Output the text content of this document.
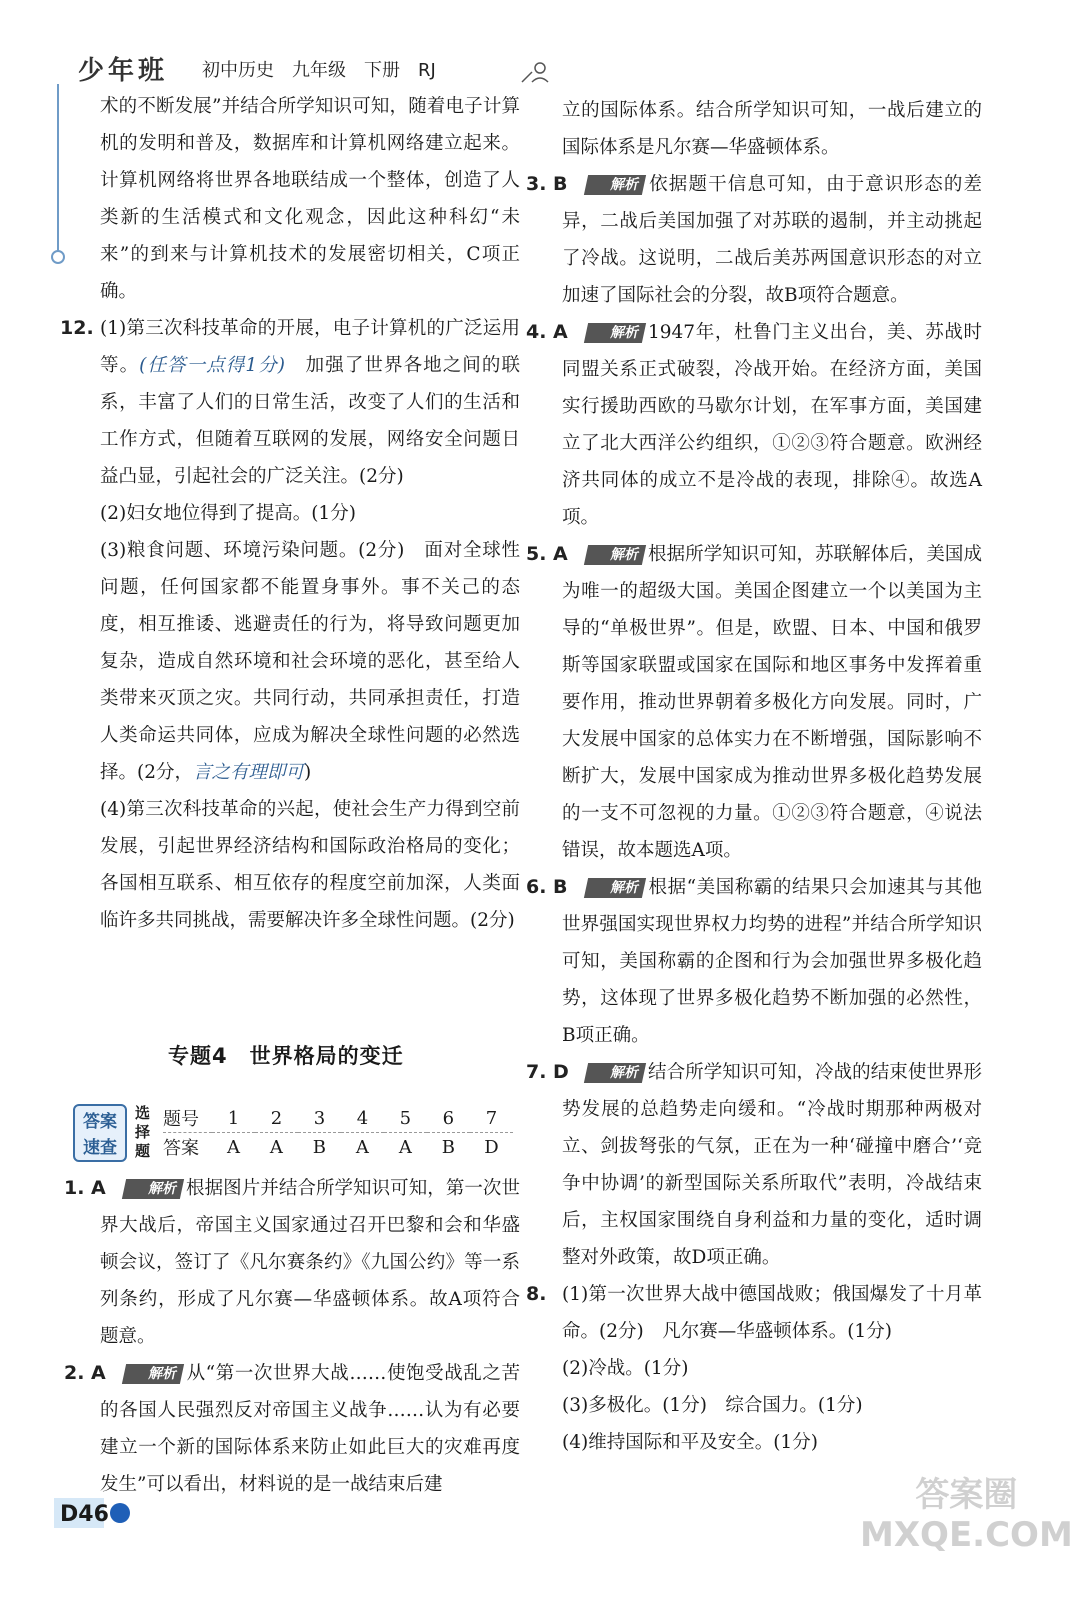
少年班 初中历史　九年级　下册　RJ

术的不断发展”并结合所学知识可知，随着电子计算机的发明和普及，数据库和计算机网络建立起来。计算机网络将世界各地联结成一个整体，创造了人类新的生活模式和文化观念，因此这种科幻“未来”的到来与计算机技术的发展密切相关，C项正确。

12. (1)第三次科技革命的开展，电子计算机的广泛运用等。(任答一点得1分)　加强了世界各地之间的联系，丰富了人们的日常生活，改变了人们的生活和工作方式，但随着互联网的发展，网络安全问题日益凸显，引起社会的广泛关注。(2分)

(2)妇女地位得到了提高。(1分)

(3)粮食问题、环境污染问题。(2分)　面对全球性问题，任何国家都不能置身事外。事不关己的态度，相互推诿、逃避责任的行为，将导致问题更加复杂，造成自然环境和社会环境的恶化，甚至给人类带来灭顶之灾。共同行动，共同承担责任，打造人类命运共同体，应成为解决全球性问题的必然选择。(2分，言之有理即可)

(4)第三次科技革命的兴起，使社会生产力得到空前发展，引起世界经济结构和国际政治格局的变化；各国相互联系、相互依存的程度空前加深，人类面临许多共同挑战，需要解决许多全球性问题。(2分)

专题4　世界格局的变迁
答案
速查
选择题
题号	1	2	3	4	5	6	7
答案	A	A	B	A	A	B	D
1. A	解析 根据图片并结合所学知识可知，第一次世界大战后，帝国主义国家通过召开巴黎和会和华盛顿会议，签订了《凡尔赛条约》《九国公约》等一系列条约，形成了凡尔赛—华盛顿体系。故A项符合题意。

2. A	解析 从“第一次世界大战……使饱受战乱之苦的各国人民强烈反对帝国主义战争……认为有必要建立一个新的国际体系来防止如此巨大的灾难再度发生”可以看出，材料说的是一战结束后建

立的国际体系。结合所学知识可知，一战后建立的国际体系是凡尔赛—华盛顿体系。

3. B	解析 依据题干信息可知，由于意识形态的差异，二战后美国加强了对苏联的遏制，并主动挑起了冷战。这说明，二战后美苏两国意识形态的对立加速了国际社会的分裂，故B项符合题意。

4. A	解析 1947年，杜鲁门主义出台，美、苏战时同盟关系正式破裂，冷战开始。在经济方面，美国实行援助西欧的马歇尔计划，在军事方面，美国建立了北大西洋公约组织，①②③符合题意。欧洲经济共同体的成立不是冷战的表现，排除④。故选A项。

5. A	解析 根据所学知识可知，苏联解体后，美国成为唯一的超级大国。美国企图建立一个以美国为主导的“单极世界”。但是，欧盟、日本、中国和俄罗斯等国家联盟或国家在国际和地区事务中发挥着重要作用，推动世界朝着多极化方向发展。同时，广大发展中国家的总体实力在不断增强，国际影响不断扩大，发展中国家成为推动世界多极化趋势发展的一支不可忽视的力量。①②③符合题意，④说法错误，故本题选A项。

6. B	解析 根据“美国称霸的结果只会加速其与其他世界强国实现世界权力均势的进程”并结合所学知识可知，美国称霸的企图和行为会加强世界多极化趋势，这体现了世界多极化趋势不断加强的必然性，B项正确。

7. D	解析 结合所学知识可知，冷战的结束使世界形势发展的总趋势走向缓和。“冷战时期那种两极对立、剑拔弩张的气氛，正在为一种‘碰撞中磨合’‘竞争中协调’的新型国际关系所取代”表明，冷战结束后，主权国家围绕自身利益和力量的变化，适时调整对外政策，故D项正确。

8. (1)第一次世界大战中德国战败；俄国爆发了十月革命。(2分)　凡尔赛—华盛顿体系。(1分)

(2)冷战。(1分)

(3)多极化。(1分)　综合国力。(1分)

(4)维持国际和平及安全。(1分)

D46	答案圈
MXQE.COM
